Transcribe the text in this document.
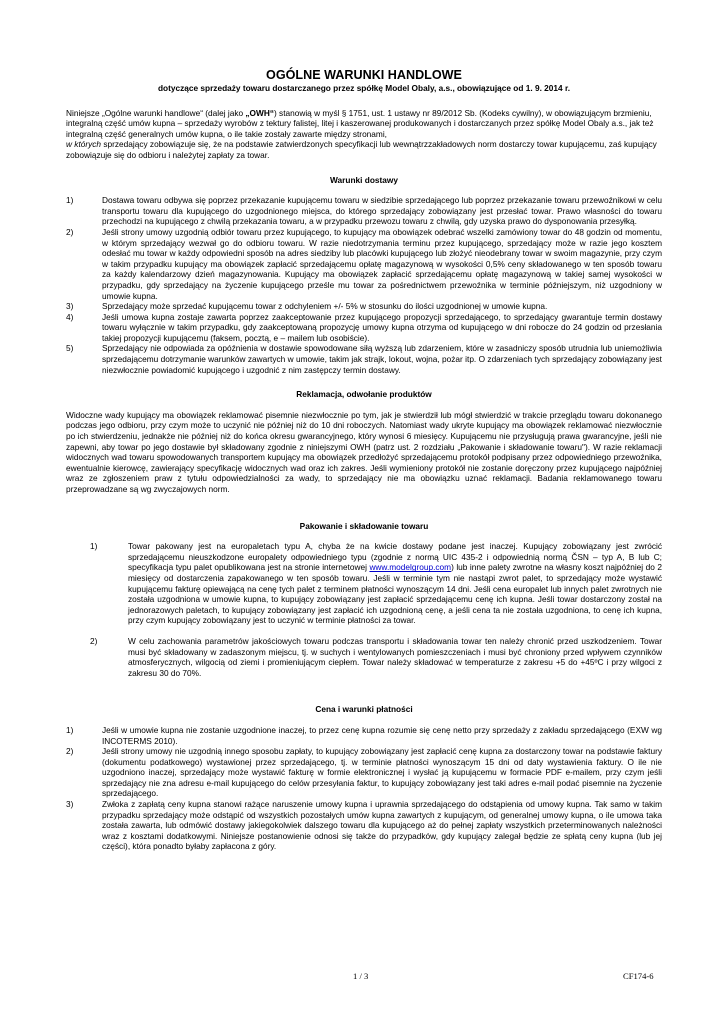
OGÓLNE WARUNKI HANDLOWE
dotyczące sprzedaży towaru dostarczanego przez spółkę Model Obaly, a.s., obowiązujące od 1. 9. 2014 r.

Niniejsze „Ogólne warunki handlowe“ (dalej jako „OWH“) stanowią w myśl § 1751, ust. 1 ustawy nr 89/2012 Sb. (Kodeks cywilny), w obowiązującym brzmieniu, integralną część umów kupna – sprzedaży wyrobów z tektury falistej, litej i kaszerowanej produkowanych i dostarczanych przez spółkę Model Obaly a.s., jak też integralną część generalnych umów kupna, o ile takie zostały zawarte między stronami,

w których sprzedający zobowiązuje się, że na podstawie zatwierdzonych specyfikacji lub wewnątrzzakładowych norm dostarczy towar kupującemu, zaś kupujący zobowiązuje się do odbioru i należytej zapłaty za towar.

Warunki dostawy
1)	Dostawa towaru odbywa się poprzez przekazanie kupującemu towaru w siedzibie sprzedającego lub poprzez przekazanie towaru przewoźnikowi w celu transportu towaru dla kupującego do uzgodnionego miejsca, do którego sprzedający zobowiązany jest przesłać towar. Prawo własności do towaru przechodzi na kupującego z chwilą przekazania towaru, a w przypadku przewozu towaru z chwilą, gdy uzyska prawo do dysponowania przesyłką.
2)	Jeśli strony umowy uzgodnią odbiór towaru przez kupującego, to kupujący ma obowiązek odebrać wszelki zamówiony towar do 48 godzin od momentu, w którym sprzedający wezwał go do odbioru towaru. W razie niedotrzymania terminu przez kupującego, sprzedający może w razie jego kosztem odesłać mu towar w każdy odpowiedni sposób na adres siedziby lub placówki kupującego lub złożyć nieodebrany towar w swoim magazynie, przy czym w takim przypadku kupujący ma obowiązek zapłacić sprzedającemu opłatę magazynową w wysokości 0,5% ceny składowanego w ten sposób towaru za każdy kalendarzowy dzień magazynowania. Kupujący ma obowiązek zapłacić sprzedającemu opłatę magazynową w takiej samej wysokości w przypadku, gdy sprzedający na życzenie kupującego prześle mu towar za pośrednictwem przewoźnika w terminie późniejszym, niż uzgodniony w umowie kupna.
3)	Sprzedający może sprzedać kupującemu towar z odchyleniem +/- 5% w stosunku do ilości uzgodnionej w umowie kupna.
4)	Jeśli umowa kupna zostaje zawarta poprzez zaakceptowanie przez kupującego propozycji sprzedającego, to sprzedający gwarantuje termin dostawy towaru wyłącznie w takim przypadku, gdy zaakceptowaną propozycję umowy kupna otrzyma od kupującego w dni robocze do 24 godzin od przesłania takiej propozycji kupującemu (faksem, pocztą, e – mailem lub osobiście).
5)	Sprzedający nie odpowiada za opóźnienia w dostawie spowodowane siłą wyższą lub zdarzeniem, które w zasadniczy sposób utrudnia lub uniemożliwia sprzedającemu dotrzymanie warunków zawartych w umowie, takim jak strajk, lokout, wojna, pożar itp. O zdarzeniach tych sprzedający zobowiązany jest niezwłocznie powiadomić kupującego i uzgodnić z nim zastępczy termin dostawy.
Reklamacja, odwołanie produktów

Widoczne wady kupujący ma obowiązek reklamować pisemnie niezwłocznie po tym, jak je stwierdził lub mógł stwierdzić w trakcie przeglądu towaru dokonanego podczas jego odbioru, przy czym może to uczynić nie później niż do 10 dni roboczych. Natomiast wady ukryte kupujący ma obowiązek reklamować niezwłocznie po ich stwierdzeniu, jednakże nie później niż do końca okresu gwarancyjnego, który wynosi 6 miesięcy. Kupującemu nie przysługują prawa gwarancyjne, jeśli nie zapewni, aby towar po jego dostawie był składowany zgodnie z niniejszymi OWH (patrz ust. 2 rozdziału „Pakowanie i składowanie towaru"). W razie reklamacji widocznych wad towaru spowodowanych transportem kupujący ma obowiązek przedłożyć sprzedającemu protokół podpisany przez odpowiedniego przewoźnika, ewentualnie kierowcę, zawierający specyfikację widocznych wad oraz ich zakres. Jeśli wymieniony protokół nie zostanie doręczony przez kupującego najpóźniej wraz ze zgłoszeniem praw z tytułu odpowiedzialności za wady, to sprzedający nie ma obowiązku uznać reklamacji. Badania reklamowanego towaru przeprowadzane są wg zwyczajowych norm.

Pakowanie i składowanie towaru
1)	Towar pakowany jest na europaletach typu A, chyba że na kwicie dostawy podane jest inaczej. Kupujący zobowiązany jest zwrócić sprzedającemu nieuszkodzone europalety odpowiedniego typu (zgodnie z normą UIC 435-2 i odpowiednią normą ČSN – typ A, B lub C; specyfikacja typu palet opublikowana jest na stronie internetowej www.modelgroup.com) lub inne palety zwrotne na własny koszt najpóźniej do 2 miesięcy od dostarczenia zapakowanego w ten sposób towaru. Jeśli w terminie tym nie nastąpi zwrot palet, to sprzedający może wystawić kupującemu fakturę opiewającą na cenę tych palet z terminem płatności wynoszącym 14 dni. Jeśli cena europalet lub innych palet zwrotnych nie została uzgodniona w umowie kupna, to kupujący zobowiązany jest zapłacić sprzedającemu cenę ich kupna. Jeśli towar dostarczony został na jednorazowych paletach, to kupujący zobowiązany jest zapłacić ich uzgodnioną cenę, a jeśli cena ta nie została uzgodniona, to cenę ich kupna, przy czym kupujący zobowiązany jest to uczynić w terminie płatności za towar.
2)	W celu zachowania parametrów jakościowych towaru podczas transportu i składowania towar ten należy chronić przed uszkodzeniem. Towar musi być składowany w zadaszonym miejscu, tj. w suchych i wentylowanych pomieszczeniach i musi być chroniony przed wpływem czynników atmosferycznych, wilgocią od ziemi i promieniującym ciepłem. Towar należy składować w temperaturze z zakresu +5 do +45ºC i przy wilgoci z zakresu 30 do 70%.
Cena i warunki płatności
1)	Jeśli w umowie kupna nie zostanie uzgodnione inaczej, to przez cenę kupna rozumie się cenę netto przy sprzedaży z zakładu sprzedającego (EXW wg INCOTERMS 2010).
2)	Jeśli strony umowy nie uzgodnią innego sposobu zapłaty, to kupujący zobowiązany jest zapłacić cenę kupna za dostarczony towar na podstawie faktury (dokumentu podatkowego) wystawionej przez sprzedającego, tj. w terminie płatności wynoszącym 15 dni od daty wystawienia faktury. O ile nie uzgodniono inaczej, sprzedający może wystawić fakturę w formie elektronicznej i wysłać ją kupującemu w formacie PDF e-mailem, przy czym jeśli sprzedający nie zna adresu e-mail kupującego do celów przesyłania faktur, to kupujący zobowiązany jest taki adres e-mail podać pisemnie na życzenie sprzedającego.
3)	Zwłoka z zapłatą ceny kupna stanowi rażące naruszenie umowy kupna i uprawnia sprzedającego do odstąpienia od umowy kupna. Tak samo w takim przypadku sprzedający może odstąpić od wszystkich pozostałych umów kupna zawartych z kupującym, od generalnej umowy kupna, o ile umowa taka została zawarta, lub odmówić dostawy jakiegokolwiek dalszego towaru dla kupującego aż do pełnej zapłaty wszystkich przeterminowanych należności wraz z kosztami dodatkowymi. Niniejsze postanowienie odnosi się także do przypadków, gdy kupujący zalegał będzie ze spłatą ceny kupna (lub jej części), która ponadto byłaby zapłacona z góry.
1 / 3	CF174-6
